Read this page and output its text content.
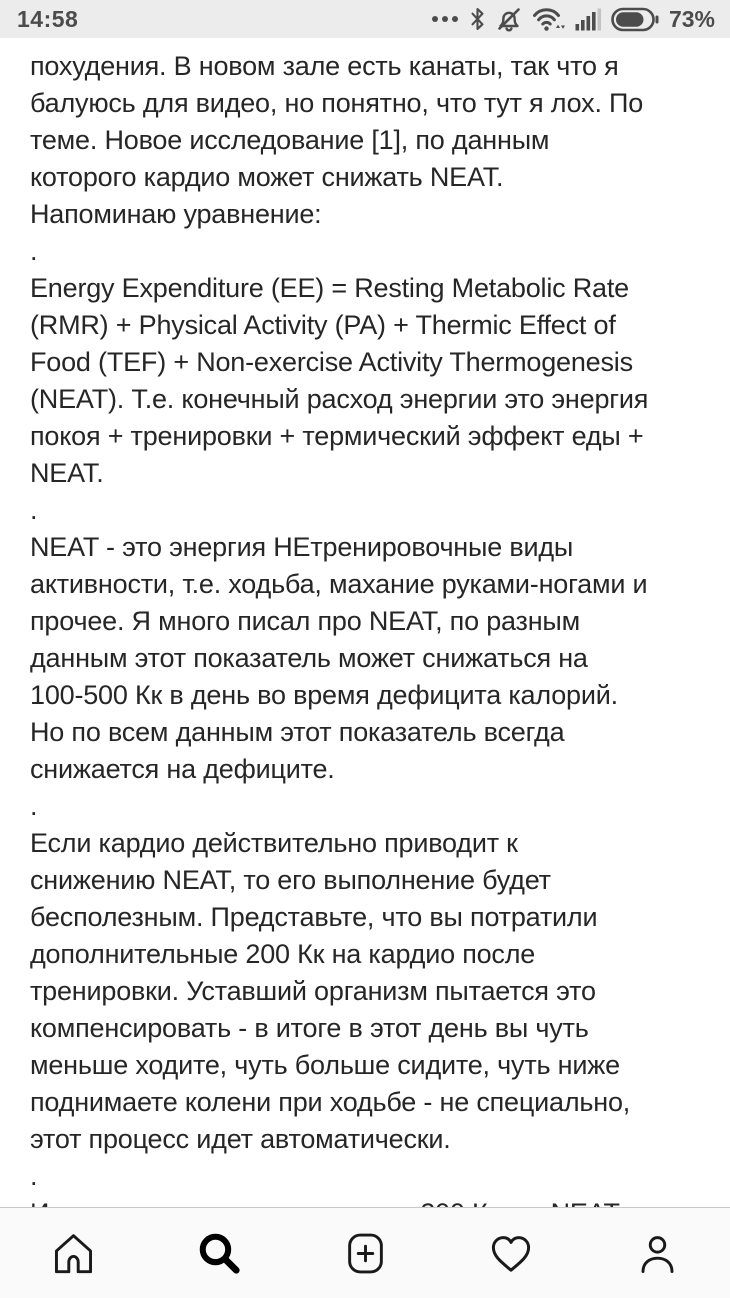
14:58	73%
похудения. В новом зале есть канаты, так что я
балуюсь для видео, но понятно, что тут я лох. По
теме. Новое исследование [1], по данным
которого кардио может снижать NEAT.
Напоминаю уравнение:
.
Energy Expenditure (EE) = Resting Metabolic Rate
(RMR) + Physical Activity (PA) + Thermic Effect of
Food (TEF) + Non-exercise Activity Thermogenesis
(NEAT). Т.е. конечный расход энергии это энергия
покоя + тренировки + термический эффект еды +
NEAT.
.
NEAT - это энергия НЕтренировочные виды
активности, т.е. ходьба, махание руками-ногами и
прочее. Я много писал про NEAT, по разным
данным этот показатель может снижаться на
100-500 Кк в день во время дефицита калорий.
Но по всем данным этот показатель всегда
снижается на дефиците.
.
Если кардио действительно приводит к
снижению NEAT, то его выполнение будет
бесполезным. Представьте, что вы потратили
дополнительные 200 Кк на кардио после
тренировки. Уставший организм пытается это
компенсировать - в итоге в этот день вы чуть
меньше ходите, чуть больше сидите, чуть ниже
поднимаете колени при ходьбе - не специально,
этот процесс идет автоматически.
.
